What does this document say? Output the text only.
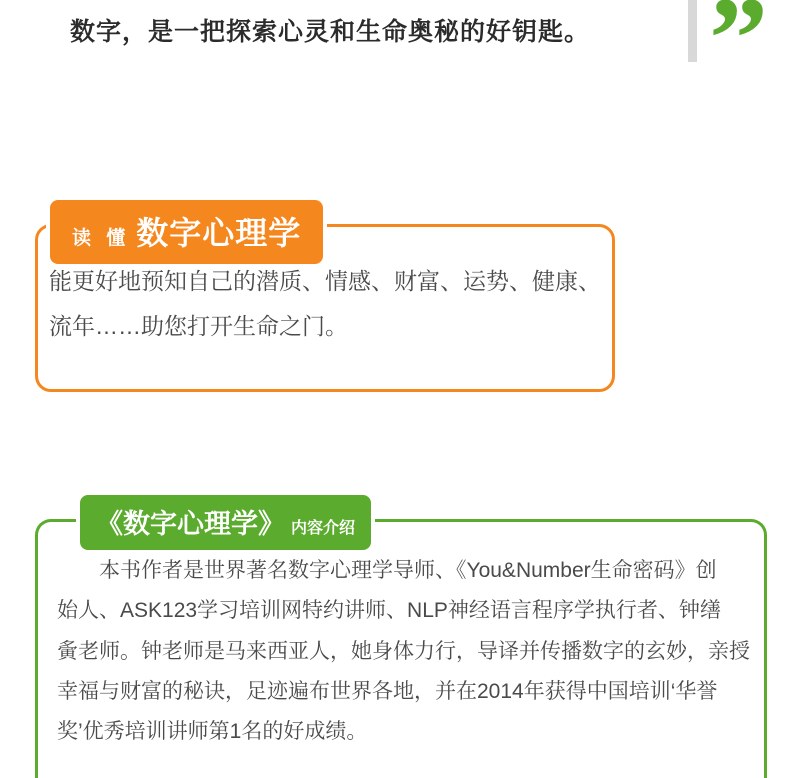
数字，是一把探索心灵和生命奥秘的好钥匙。	”
读 懂 数字心理学

能更好地预知自己的潜质、情感、财富、运势、健康、

流年……助您打开生命之门。

《数字心理学》 内容介绍

本书作者是世界著名数字心理学导师、《You&Number生命密码》创

始人、ASK123学习培训网特约讲师、NLP神经语言程序学执行者、钟缮

夤老师。钟老师是马来西亚人，她身体力行，导译并传播数字的玄妙，亲授

幸福与财富的秘诀，足迹遍布世界各地，并在2014年获得中国培训‘华誉

奖’优秀培训讲师第1名的好成绩。
